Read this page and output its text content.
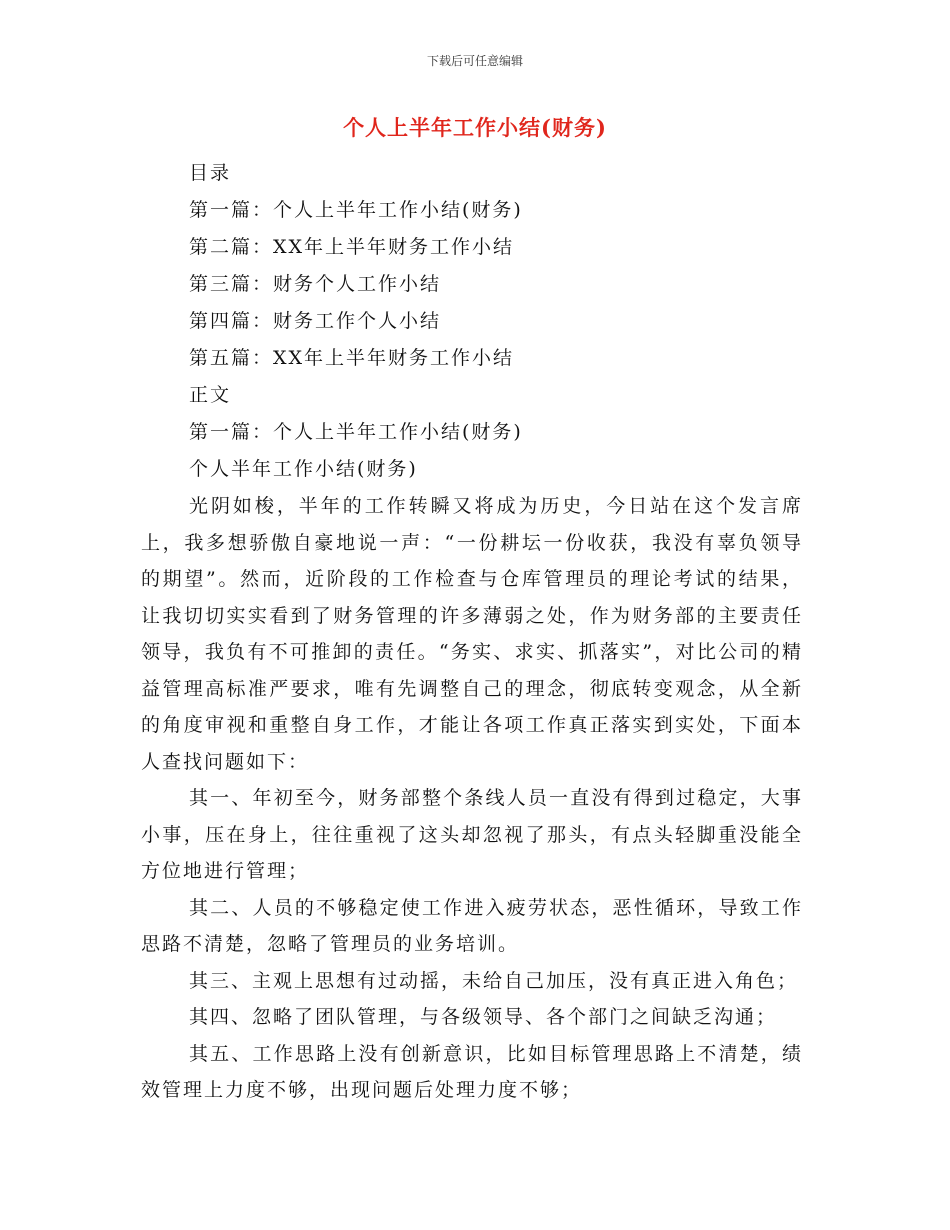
下载后可任意编辑
个人上半年工作小结(财务)
目录
第一篇：个人上半年工作小结(财务)
第二篇：XX年上半年财务工作小结
第三篇：财务个人工作小结
第四篇：财务工作个人小结
第五篇：XX年上半年财务工作小结
正文
第一篇：个人上半年工作小结(财务)
个人半年工作小结(财务)

光阴如梭，半年的工作转瞬又将成为历史，今日站在这个发言席上，我多想骄傲自豪地说一声：“一份耕坛一份收获，我没有辜负领导的期望”。然而，近阶段的工作检查与仓库管理员的理论考试的结果，让我切切实实看到了财务管理的许多薄弱之处，作为财务部的主要责任领导，我负有不可推卸的责任。“务实、求实、抓落实”，对比公司的精益管理高标准严要求，唯有先调整自己的理念，彻底转变观念，从全新的角度审视和重整自身工作，才能让各项工作真正落实到实处，下面本人查找问题如下：

其一、年初至今，财务部整个条线人员一直没有得到过稳定，大事小事，压在身上，往往重视了这头却忽视了那头，有点头轻脚重没能全方位地进行管理；

其二、人员的不够稳定使工作进入疲劳状态，恶性循环，导致工作思路不清楚，忽略了管理员的业务培训。

其三、主观上思想有过动摇，未给自己加压，没有真正进入角色；

其四、忽略了团队管理，与各级领导、各个部门之间缺乏沟通；

其五、工作思路上没有创新意识，比如目标管理思路上不清楚，绩效管理上力度不够，出现问题后处理力度不够；
